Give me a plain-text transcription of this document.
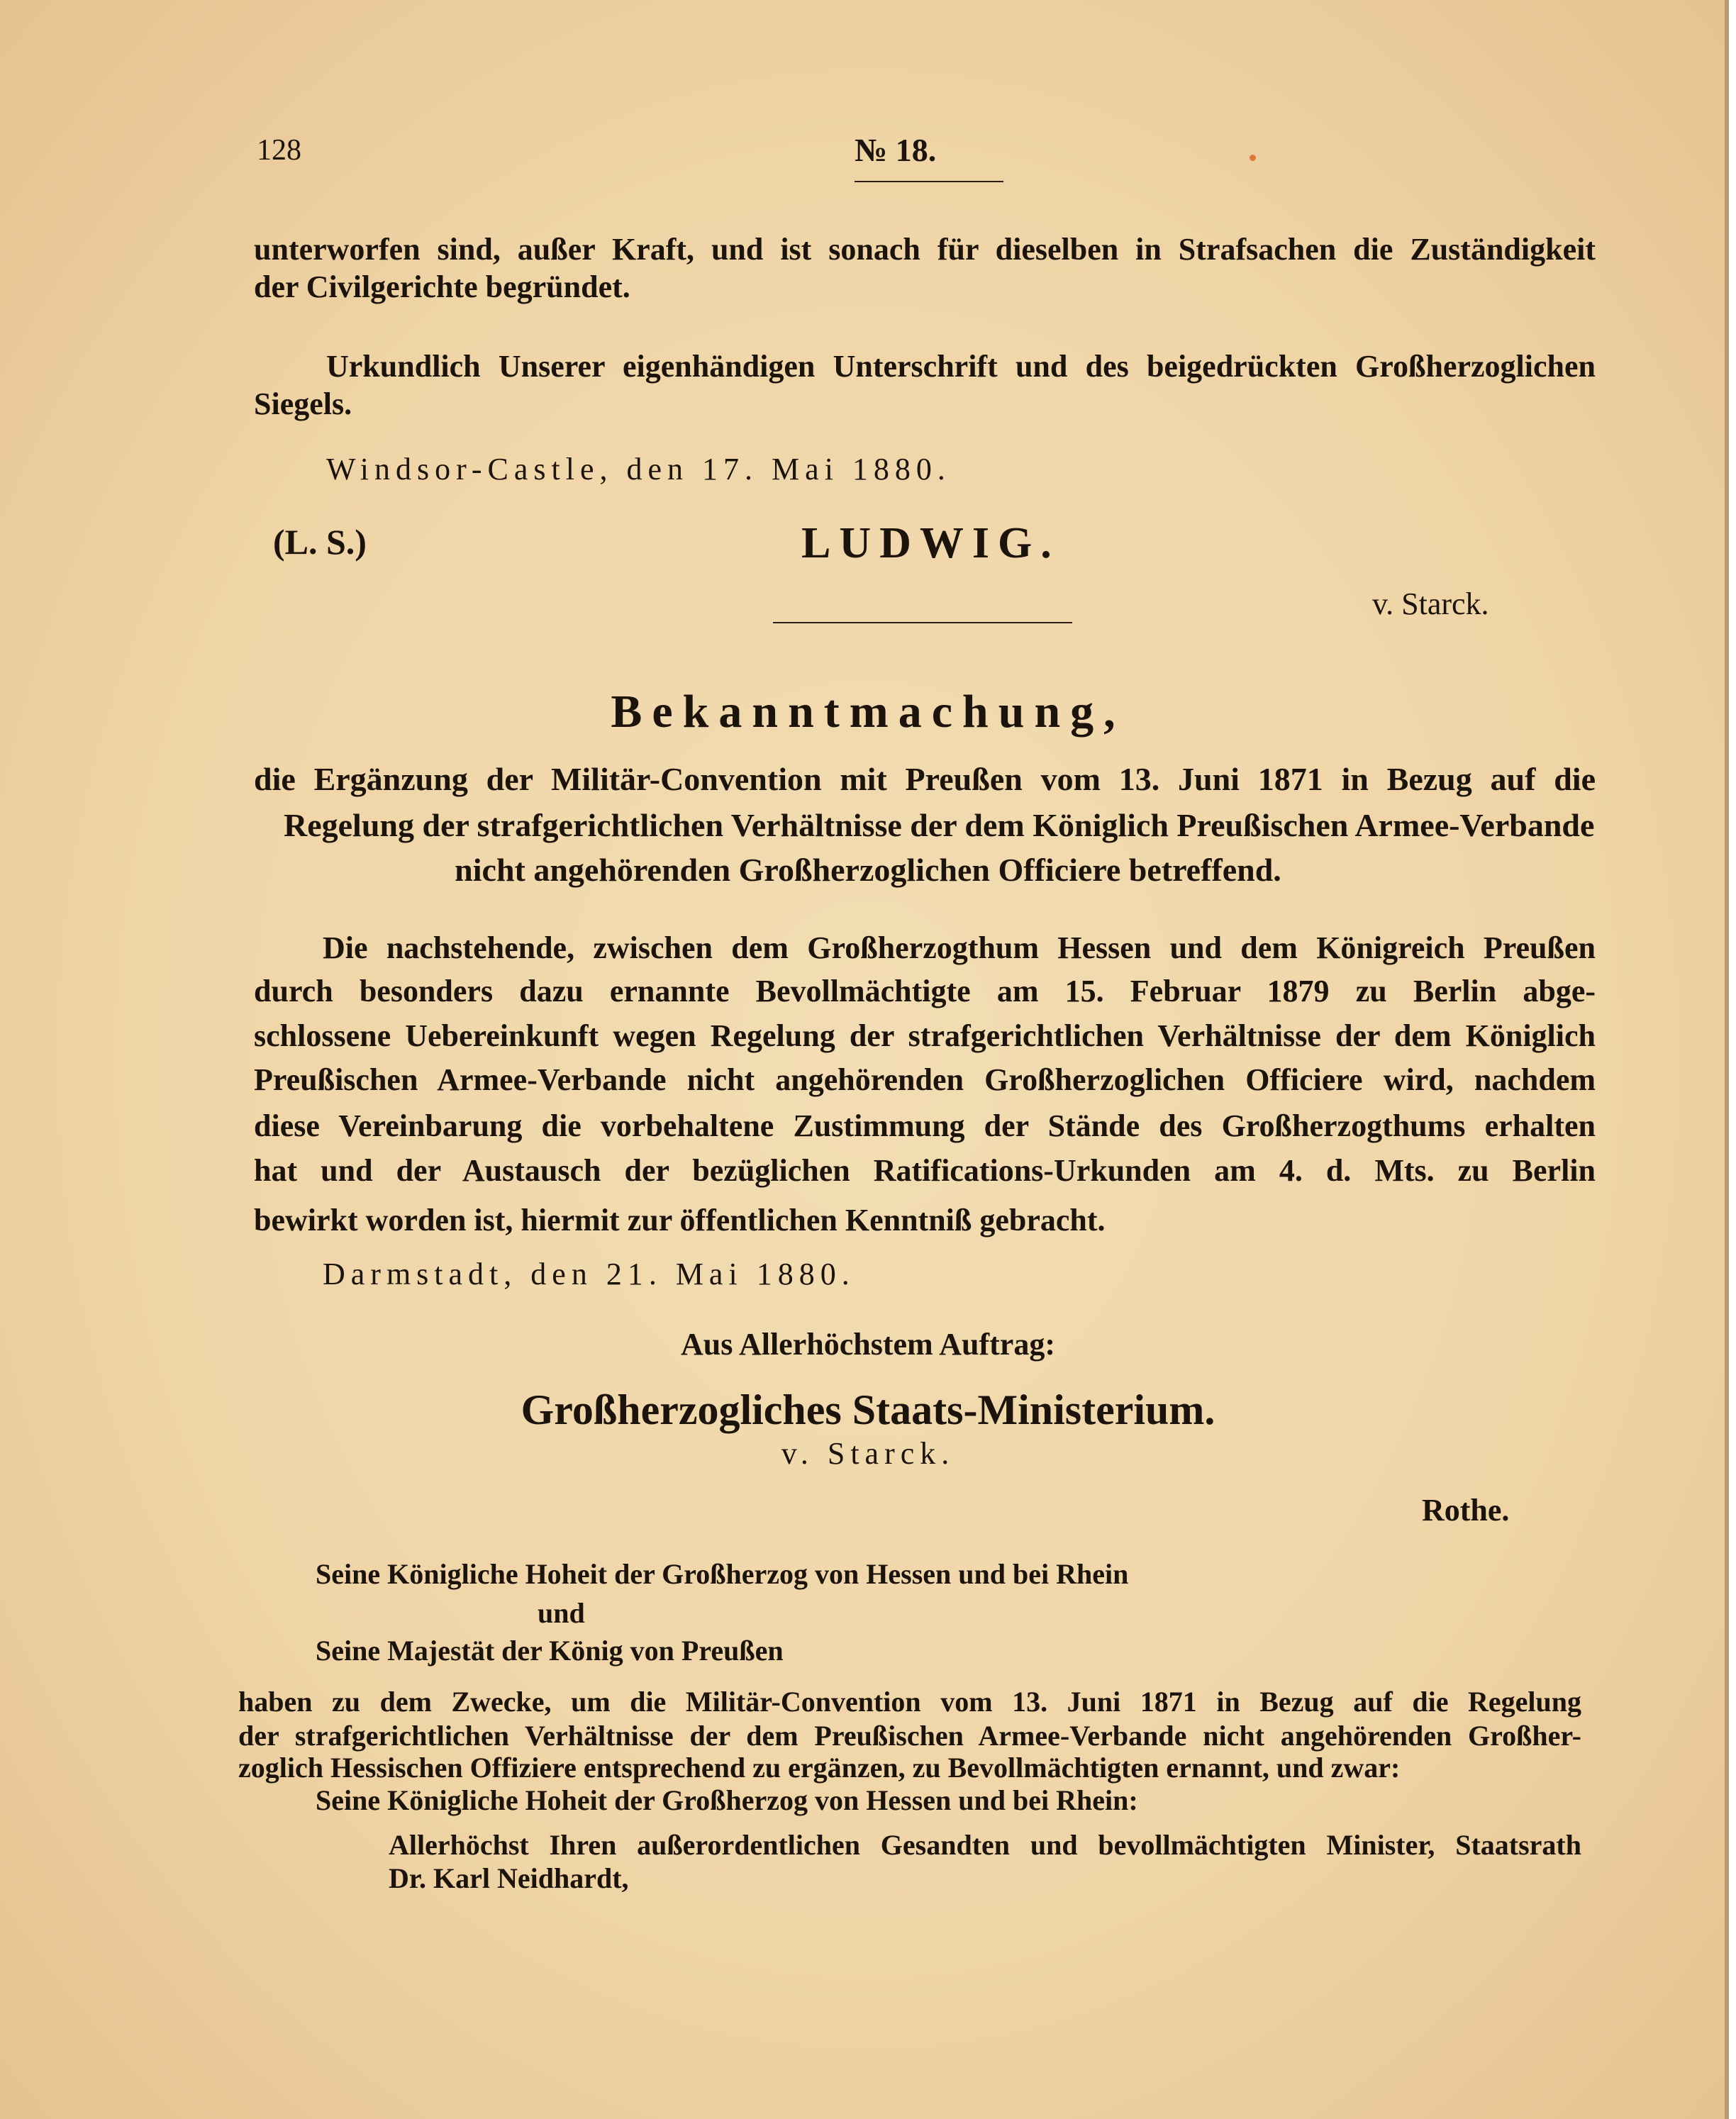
128	№ 18.
unterworfen sind, außer Kraft, und ist sonach für dieselben in Strafsachen die Zuständigkeit
der Civilgerichte begründet.
Urkundlich Unserer eigenhändigen Unterschrift und des beigedrückten Großherzoglichen
Siegels.
Windsor-Castle, den 17. Mai 1880.
(L. S.)	LUDWIG.
v. Starck.
Bekanntmachung,
die Ergänzung der Militär-Convention mit Preußen vom 13. Juni 1871 in Bezug auf die
Regelung der strafgerichtlichen Verhältnisse der dem Königlich Preußischen Armee-Verbande
nicht angehörenden Großherzoglichen Officiere betreffend.
Die nachstehende, zwischen dem Großherzogthum Hessen und dem Königreich Preußen
durch besonders dazu ernannte Bevollmächtigte am 15. Februar 1879 zu Berlin abge-
schlossene Uebereinkunft wegen Regelung der strafgerichtlichen Verhältnisse der dem Königlich
Preußischen Armee-Verbande nicht angehörenden Großherzoglichen Officiere wird, nachdem
diese Vereinbarung die vorbehaltene Zustimmung der Stände des Großherzogthums erhalten
hat und der Austausch der bezüglichen Ratifications-Urkunden am 4. d. Mts. zu Berlin
bewirkt worden ist, hiermit zur öffentlichen Kenntniß gebracht.
Darmstadt, den 21. Mai 1880.
Aus Allerhöchstem Auftrag:
Großherzogliches Staats-Ministerium.
v. Starck.
Rothe.
Seine Königliche Hoheit der Großherzog von Hessen und bei Rhein
und
Seine Majestät der König von Preußen
haben zu dem Zwecke, um die Militär-Convention vom 13. Juni 1871 in Bezug auf die Regelung
der strafgerichtlichen Verhältnisse der dem Preußischen Armee-Verbande nicht angehörenden Großher-
zoglich Hessischen Offiziere entsprechend zu ergänzen, zu Bevollmächtigten ernannt, und zwar:
Seine Königliche Hoheit der Großherzog von Hessen und bei Rhein:
Allerhöchst Ihren außerordentlichen Gesandten und bevollmächtigten Minister, Staatsrath
Dr. Karl Neidhardt,
